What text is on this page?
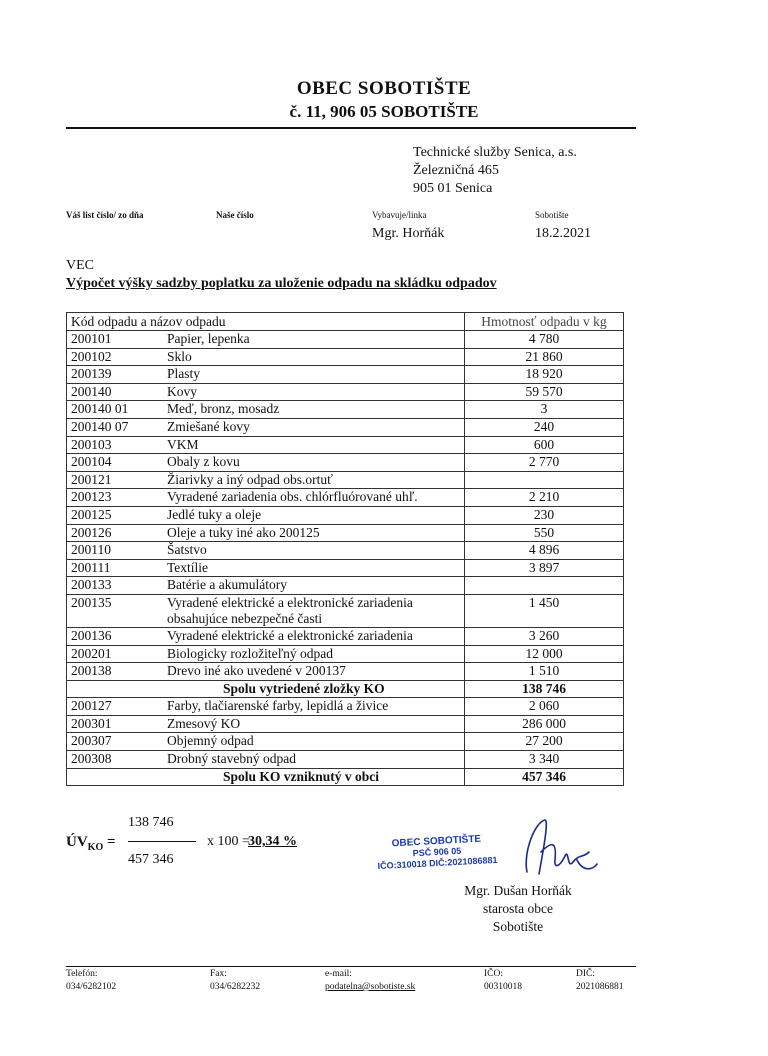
OBEC SOBOTIŠTE
č. 11, 906 05 SOBOTIŠTE
Technické služby Senica, a.s.
Železničná 465
905 01 Senica
Váš list číslo/ zo dňa	Naše číslo	Vybavuje/linka	Sobotište
Mgr. Horňák	18.2.2021
VEC
Výpočet výšky sadzby poplatku za uloženie odpadu na skládku odpadov
Kód odpadu a názov odpadu		Hmotnosť odpadu v kg
200101	Papier, lepenka	4 780
200102	Sklo	21 860
200139	Plasty	18 920
200140	Kovy	59 570
200140 01	Meď, bronz, mosadz	3
200140 07	Zmiešané kovy	240
200103	VKM	600
200104	Obaly z kovu	2 770
200121	Žiarivky a iný odpad obs.ortuť	

200123	Vyradené zariadenia obs. chlórfluórované uhľ.	2 210
200125	Jedlé tuky a oleje	230
200126	Oleje a tuky iné ako 200125	550
200110	Šatstvo	4 896
200111	Textílie	3 897
200133	Batérie a akumulátory	

200135	Vyradené elektrické a elektronické zariadenia
obsahujúce nebezpečné časti	1 450
200136	Vyradené elektrické a elektronické zariadenia	3 260
200201	Biologicky rozložiteľný odpad	12 000
200138	Drevo iné ako uvedené v 200137	1 510

	Spolu vytriedené zložky KO	138 746
200127	Farby, tlačiarenské farby, lepidlá a živice	2 060
200301	Zmesový KO	286 000
200307	Objemný odpad	27 200
200308	Drobný stavebný odpad	3 340

	Spolu KO vzniknutý v obci	457 346
$ÚV_{KO}$ =
138 746
457 346
x 100 =
30,34 %	OBEC SOBOTIŠTE
PSČ 906 05
IČO:310018 DIČ:2021086881
Mgr. Dušan Horňák
starosta obce
Sobotište
Telefón:
034/6282102
Fax:
034/6282232
e-mail:
podatelna@sobotiste.sk
IČO:
00310018
DIČ:
2021086881
